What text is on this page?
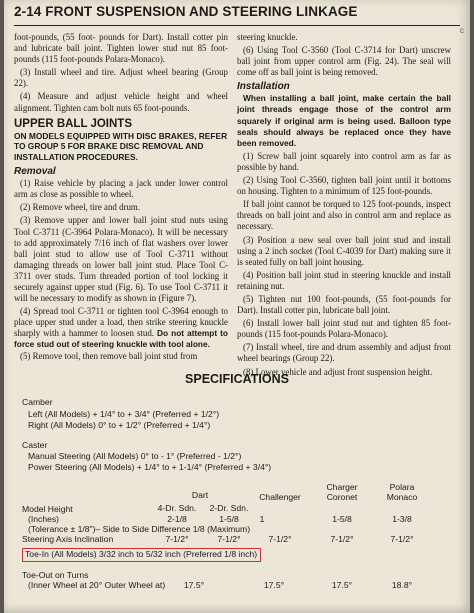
2-14 FRONT SUSPENSION AND STEERING LINKAGE
c

foot-pounds, (55 foot- pounds for Dart). Install cotter pin and lubricate ball joint. Tighten lower stud nut 85 foot-pounds (115 foot-pounds Polara-Monaco).

(3) Install wheel and tire. Adjust wheel bearing (Group 22).

(4) Measure and adjust vehicle height and wheel alignment. Tighten cam bolt nuts 65 foot-pounds.

UPPER BALL JOINTS
ON MODELS EQUIPPED WITH DISC BRAKES, REFER TO GROUP 5 FOR BRAKE DISC REMOVAL AND INSTALLATION PROCEDURES.
Removal

(1) Raise vehicle by placing a jack under lower control arm as close as possible to wheel.

(2) Remove wheel, tire and drum.

(3) Remove upper and lower ball joint stud nuts using Tool C-3711 (C-3964 Polara-Monaco). It will be necessary to add approximately 7/16 inch of flat washers over lower ball joint stud to allow use of Tool C-3711 without damaging threads on lower ball joint stud. Place Tool C-3711 over studs. Turn threaded portion of tool locking it securely against upper stud (Fig. 6). To use Tool C-3711 it will be necessary to modify as shown in (Figure 7).

(4) Spread tool C-3711 or tighten tool C-3964 enough to place upper stud under a load, then strike steering knuckle sharply with a hammer to loosen stud. Do not attempt to force stud out of steering knuckle with tool alone.

(5) Remove tool, then remove ball joint stud from

steering knuckle.

(6) Using Tool C-3560 (Tool C-3714 for Dart) unscrew ball joint from upper control arm (Fig. 24). The seal will come off as ball joint is being removed.

Installation

When installing a ball joint, make certain the ball joint threads engage those of the control arm squarely if original arm is being used. Balloon type seals should always be replaced once they have been removed.

(1) Screw ball joint squarely into control arm as far as possible by hand.

(2) Using Tool C-3560, tighten ball joint until it bottoms on housing. Tighten to a minimum of 125 foot-pounds.

If ball joint cannot be torqued to 125 foot-pounds, inspect threads on ball joint and also in control arm and replace as necessary.

(3) Position a new seal over ball joint stud and install using a 2 inch socket (Tool C-4039 for Dart) making sure it is seated fully on ball joint housing.

(4) Position ball joint stud in steering knuckle and install retaining nut.

(5) Tighten nut 100 foot-pounds, (55 foot-pounds for Dart). Install cotter pin, lubricate ball joint.

(6) Install lower ball joint stud nut and tighten 85 foot-pounds (115 foot-pounds Polara-Monaco).

(7) Install wheel, tire and drum assembly and adjust front wheel bearings (Group 22).

(8) Lower vehicle and adjust front suspension height.

SPECIFICATIONS
Camber
Left (All Models) + 1/4° to + 3/4° (Preferred + 1/2°)
Right (All Models) 0° to + 1/2° (Preferred + 1/4°)
Caster
Manual Steering (All Models) 0° to - 1° (Preferred - 1/2°)
Power Steering (All Models) + 1/4° to + 1-1/4° (Preferred + 3/4°)
Dart
4-Dr. Sdn.	2-Dr. Sdn.
Challenger
Charger
Coronet
Polara
Monaco
Model Height
(Inches)	2-1/8	1-5/8	1	1-5/8	1-3/8
(Tolerance ± 1/8")– Side to Side Difference 1/8 (Maximum)
Steering Axis Inclination	7-1/2°	7-1/2°	7-1/2°	7-1/2°	7-1/2°
Toe-In (All Models) 3/32 inch to 5/32 inch (Preferred 1/8 inch)
Toe-Out on Turns
(Inner Wheel at 20° Outer Wheel at)	17.5°	17.5°	17.5°	18.8°
